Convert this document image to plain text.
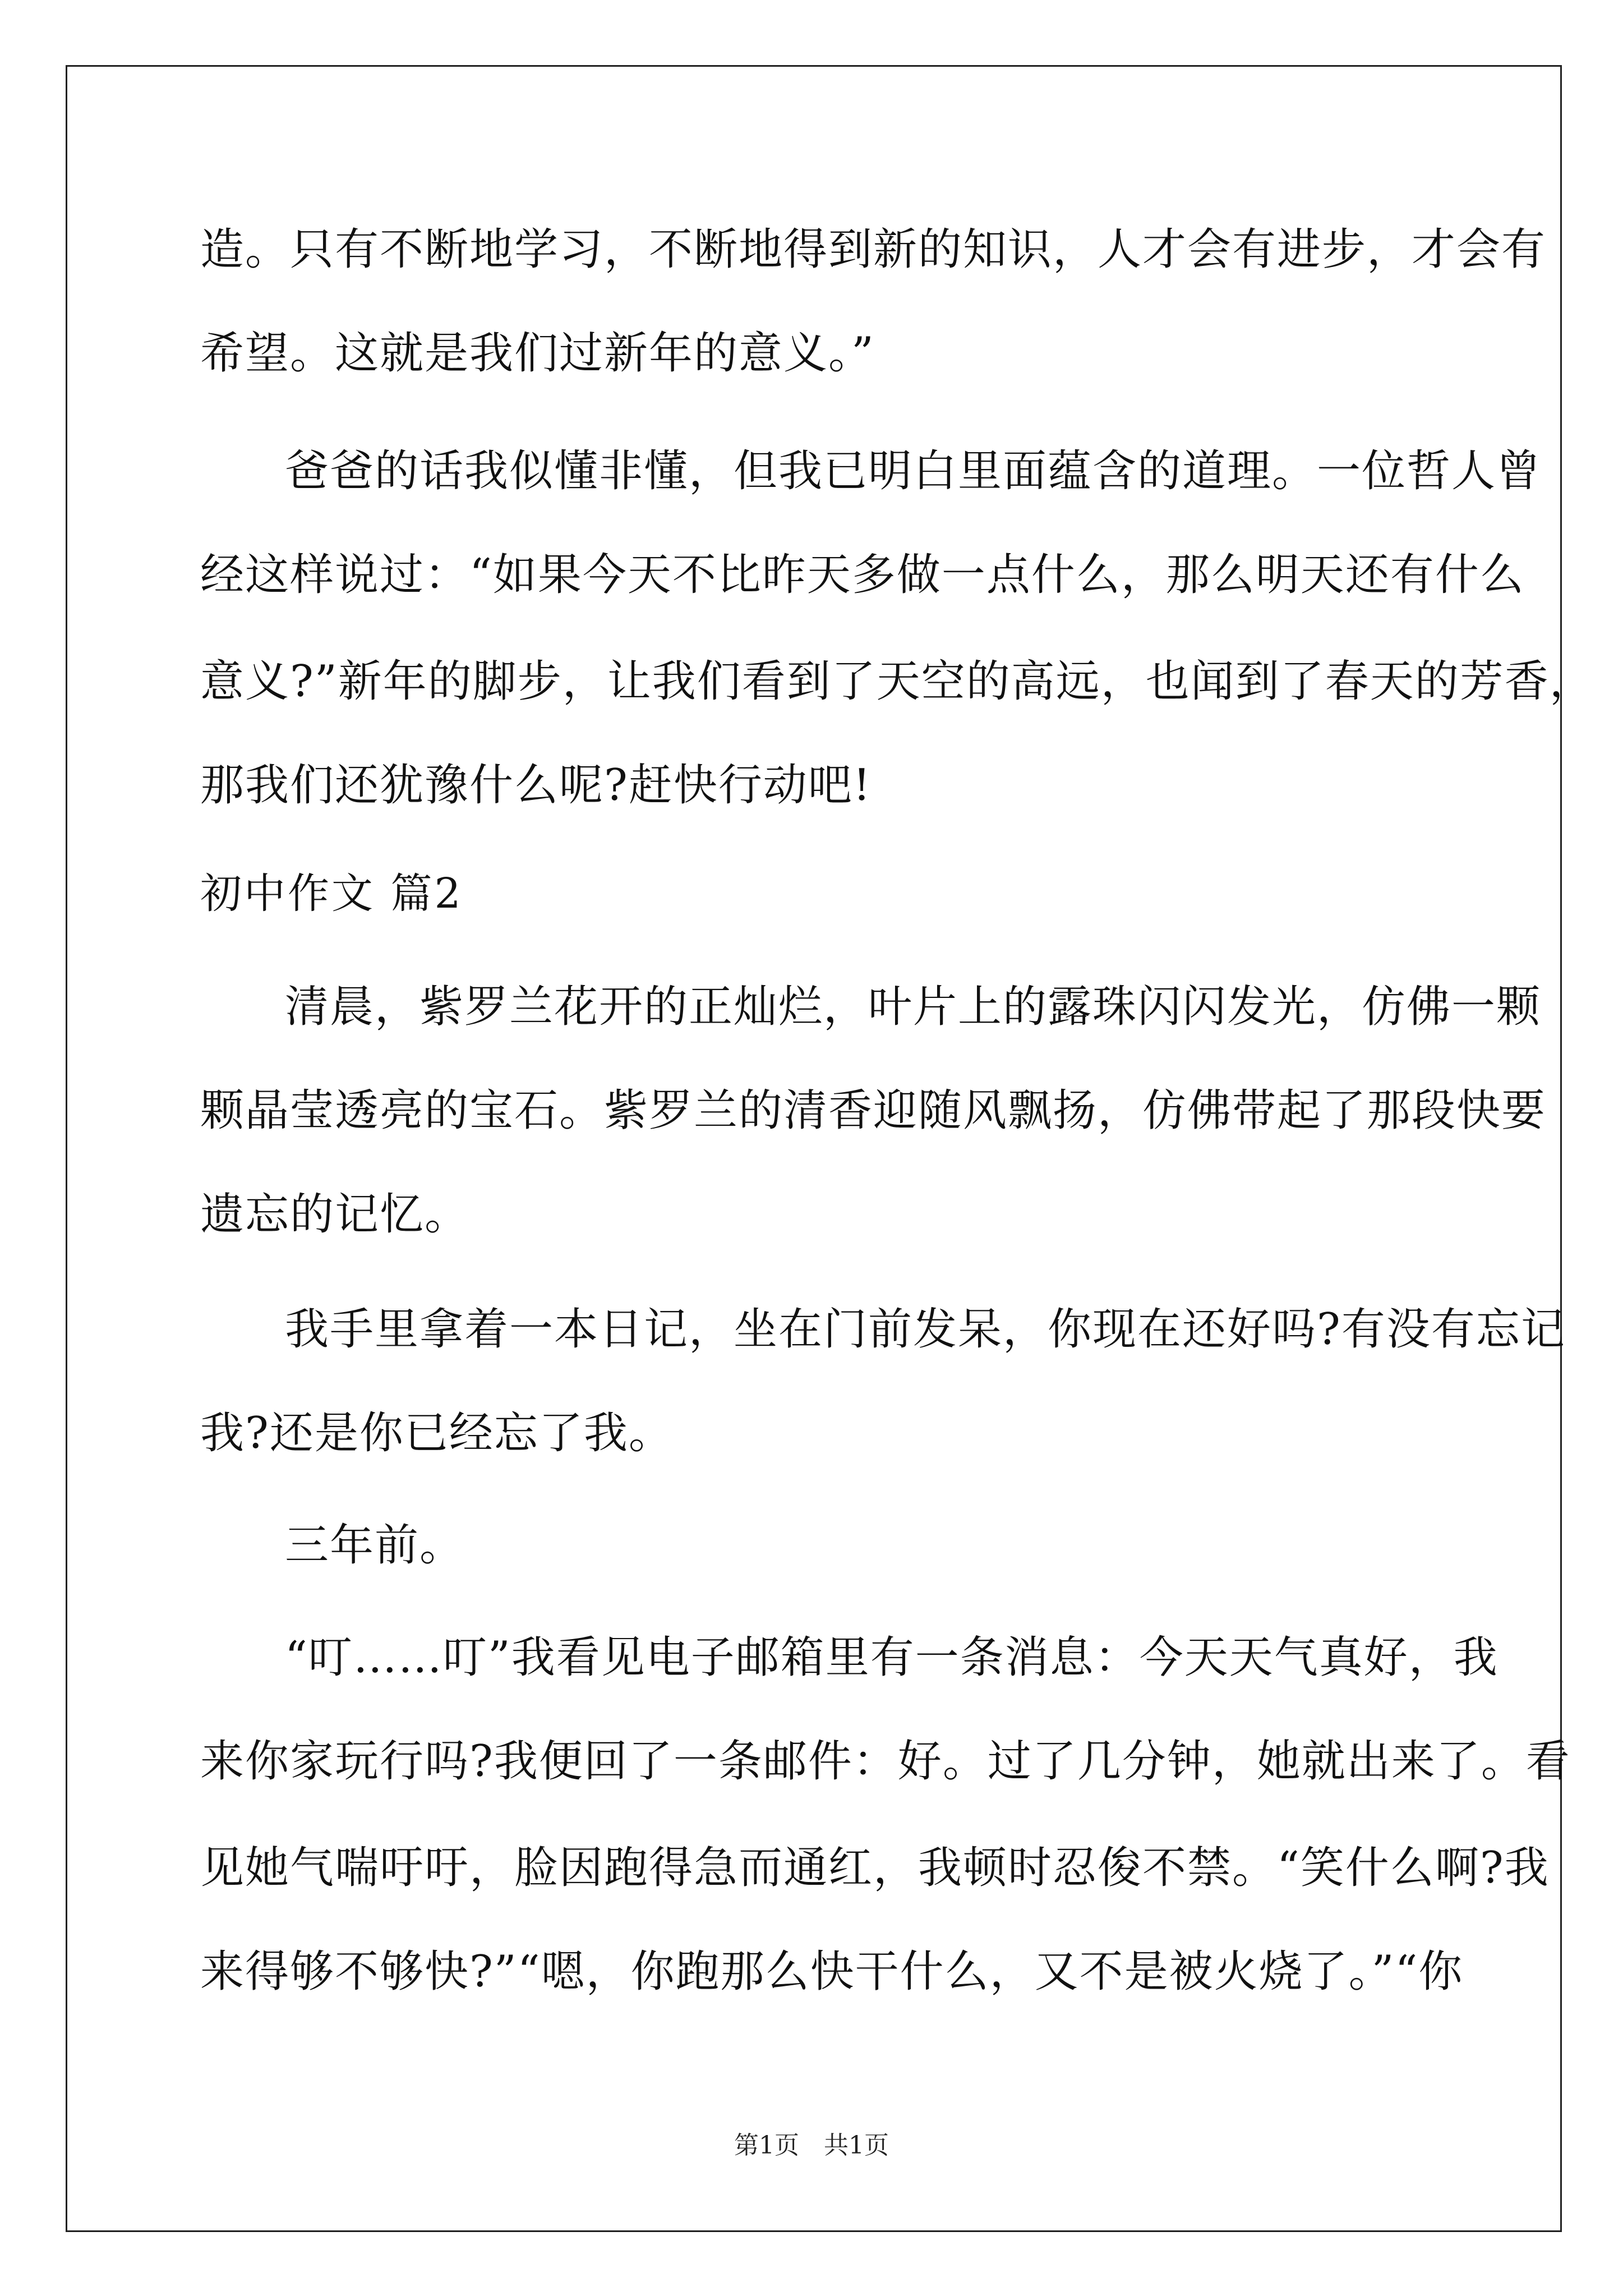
造。只有不断地学习，不断地得到新的知识，人才会有进步，才会有
希望。这就是我们过新年的意义。”
爸爸的话我似懂非懂，但我已明白里面蕴含的道理。一位哲人曾
经这样说过：“如果今天不比昨天多做一点什么，那么明天还有什么
意义?”新年的脚步，让我们看到了天空的高远，也闻到了春天的芳香，
那我们还犹豫什么呢?赶快行动吧!
初中作文 篇2
清晨，紫罗兰花开的正灿烂，叶片上的露珠闪闪发光，仿佛一颗
颗晶莹透亮的宝石。紫罗兰的清香迎随风飘扬，仿佛带起了那段快要
遗忘的记忆。
我手里拿着一本日记，坐在门前发呆，你现在还好吗?有没有忘记
我?还是你已经忘了我。
三年前。
“叮……叮”我看见电子邮箱里有一条消息：今天天气真好，我
来你家玩行吗?我便回了一条邮件：好。过了几分钟，她就出来了。看
见她气喘吁吁，脸因跑得急而通红，我顿时忍俊不禁。“笑什么啊?我
来得够不够快?”“嗯，你跑那么快干什么，又不是被火烧了。”“你
第1页　共1页
